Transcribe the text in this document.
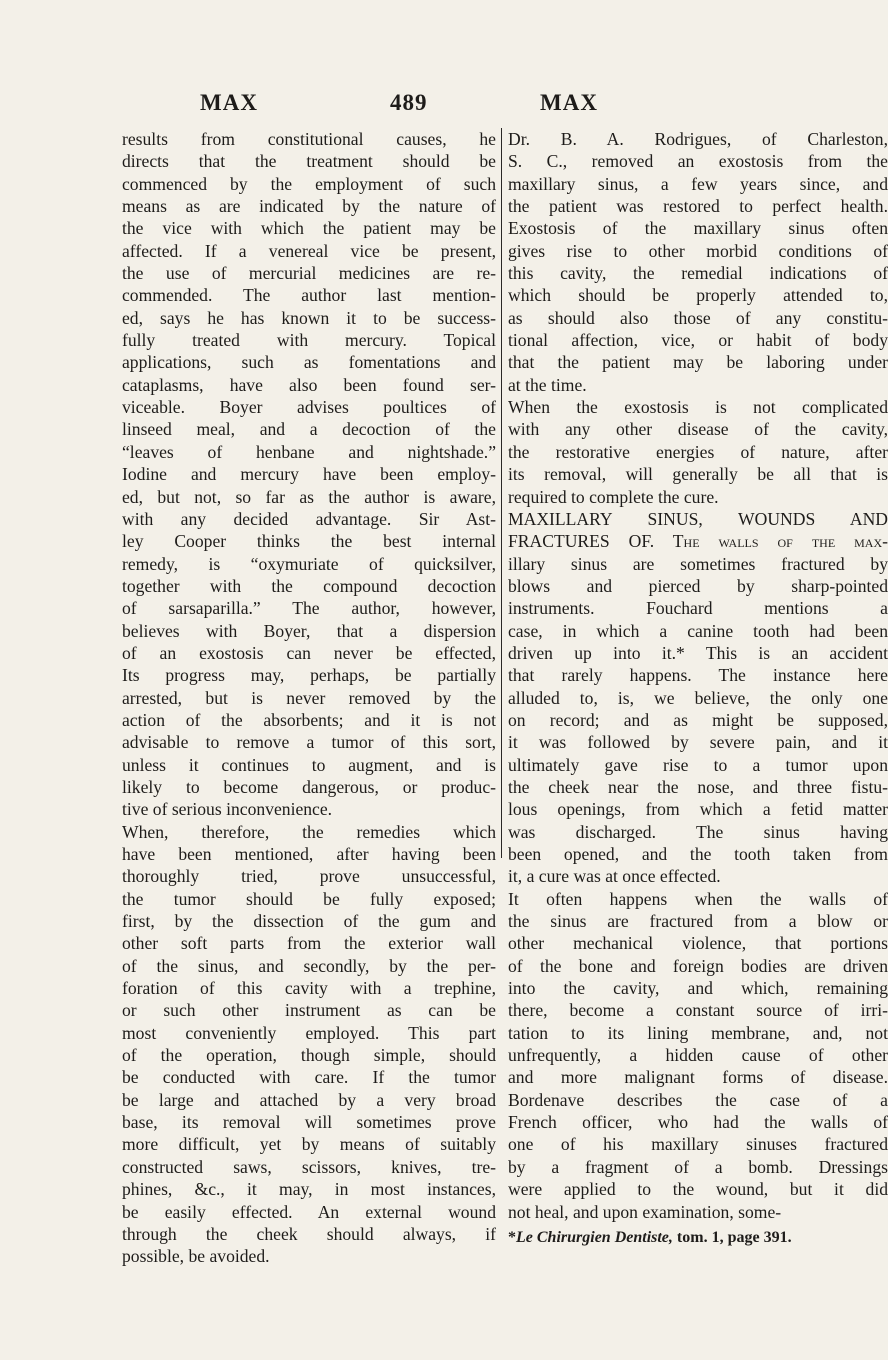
MAX	489	MAX
results from constitutional causes, he
directs that the treatment should be
commenced by the employment of such
means as are indicated by the nature of
the vice with which the patient may be
affected. If a venereal vice be present,
the use of mercurial medicines are re-
commended. The author last mention-
ed, says he has known it to be success-
fully treated with mercury. Topical
applications, such as fomentations and
cataplasms, have also been found ser-
viceable. Boyer advises poultices of
linseed meal, and a decoction of the
“leaves of henbane and nightshade.”
Iodine and mercury have been employ-
ed, but not, so far as the author is aware,
with any decided advantage. Sir Ast-
ley Cooper thinks the best internal
remedy, is “oxymuriate of quicksilver,
together with the compound decoction
of sarsaparilla.” The author, however,
believes with Boyer, that a dispersion
of an exostosis can never be effected,
Its progress may, perhaps, be partially
arrested, but is never removed by the
action of the absorbents; and it is not
advisable to remove a tumor of this sort,
unless it continues to augment, and is
likely to become dangerous, or produc-
tive of serious inconvenience.
When, therefore, the remedies which
have been mentioned, after having been
thoroughly tried, prove unsuccessful,
the tumor should be fully exposed;
first, by the dissection of the gum and
other soft parts from the exterior wall
of the sinus, and secondly, by the per-
foration of this cavity with a trephine,
or such other instrument as can be
most conveniently employed. This part
of the operation, though simple, should
be conducted with care. If the tumor
be large and attached by a very broad
base, its removal will sometimes prove
more difficult, yet by means of suitably
constructed saws, scissors, knives, tre-
phines, &c., it may, in most instances,
be easily effected. An external wound
through the cheek should always, if
possible, be avoided.
Dr. B. A. Rodrigues, of Charleston,
S. C., removed an exostosis from the
maxillary sinus, a few years since, and
the patient was restored to perfect health.
Exostosis of the maxillary sinus often
gives rise to other morbid conditions of
this cavity, the remedial indications of
which should be properly attended to,
as should also those of any constitu-
tional affection, vice, or habit of body
that the patient may be laboring under
at the time.
When the exostosis is not complicated
with any other disease of the cavity,
the restorative energies of nature, after
its removal, will generally be all that is
required to complete the cure.
MAXILLARY SINUS, WOUNDS AND
FRACTURES OF. The walls of the max-
illary sinus are sometimes fractured by
blows and pierced by sharp-pointed
instruments. Fouchard mentions a
case, in which a canine tooth had been
driven up into it.* This is an accident
that rarely happens. The instance here
alluded to, is, we believe, the only one
on record; and as might be supposed,
it was followed by severe pain, and it
ultimately gave rise to a tumor upon
the cheek near the nose, and three fistu-
lous openings, from which a fetid matter
was discharged. The sinus having
been opened, and the tooth taken from
it, a cure was at once effected.
It often happens when the walls of
the sinus are fractured from a blow or
other mechanical violence, that portions
of the bone and foreign bodies are driven
into the cavity, and which, remaining
there, become a constant source of irri-
tation to its lining membrane, and, not
unfrequently, a hidden cause of other
and more malignant forms of disease.
Bordenave describes the case of a
French officer, who had the walls of
one of his maxillary sinuses fractured
by a fragment of a bomb. Dressings
were applied to the wound, but it did
not heal, and upon examination, some-
*Le Chirurgien Dentiste, tom. 1, page 391.
